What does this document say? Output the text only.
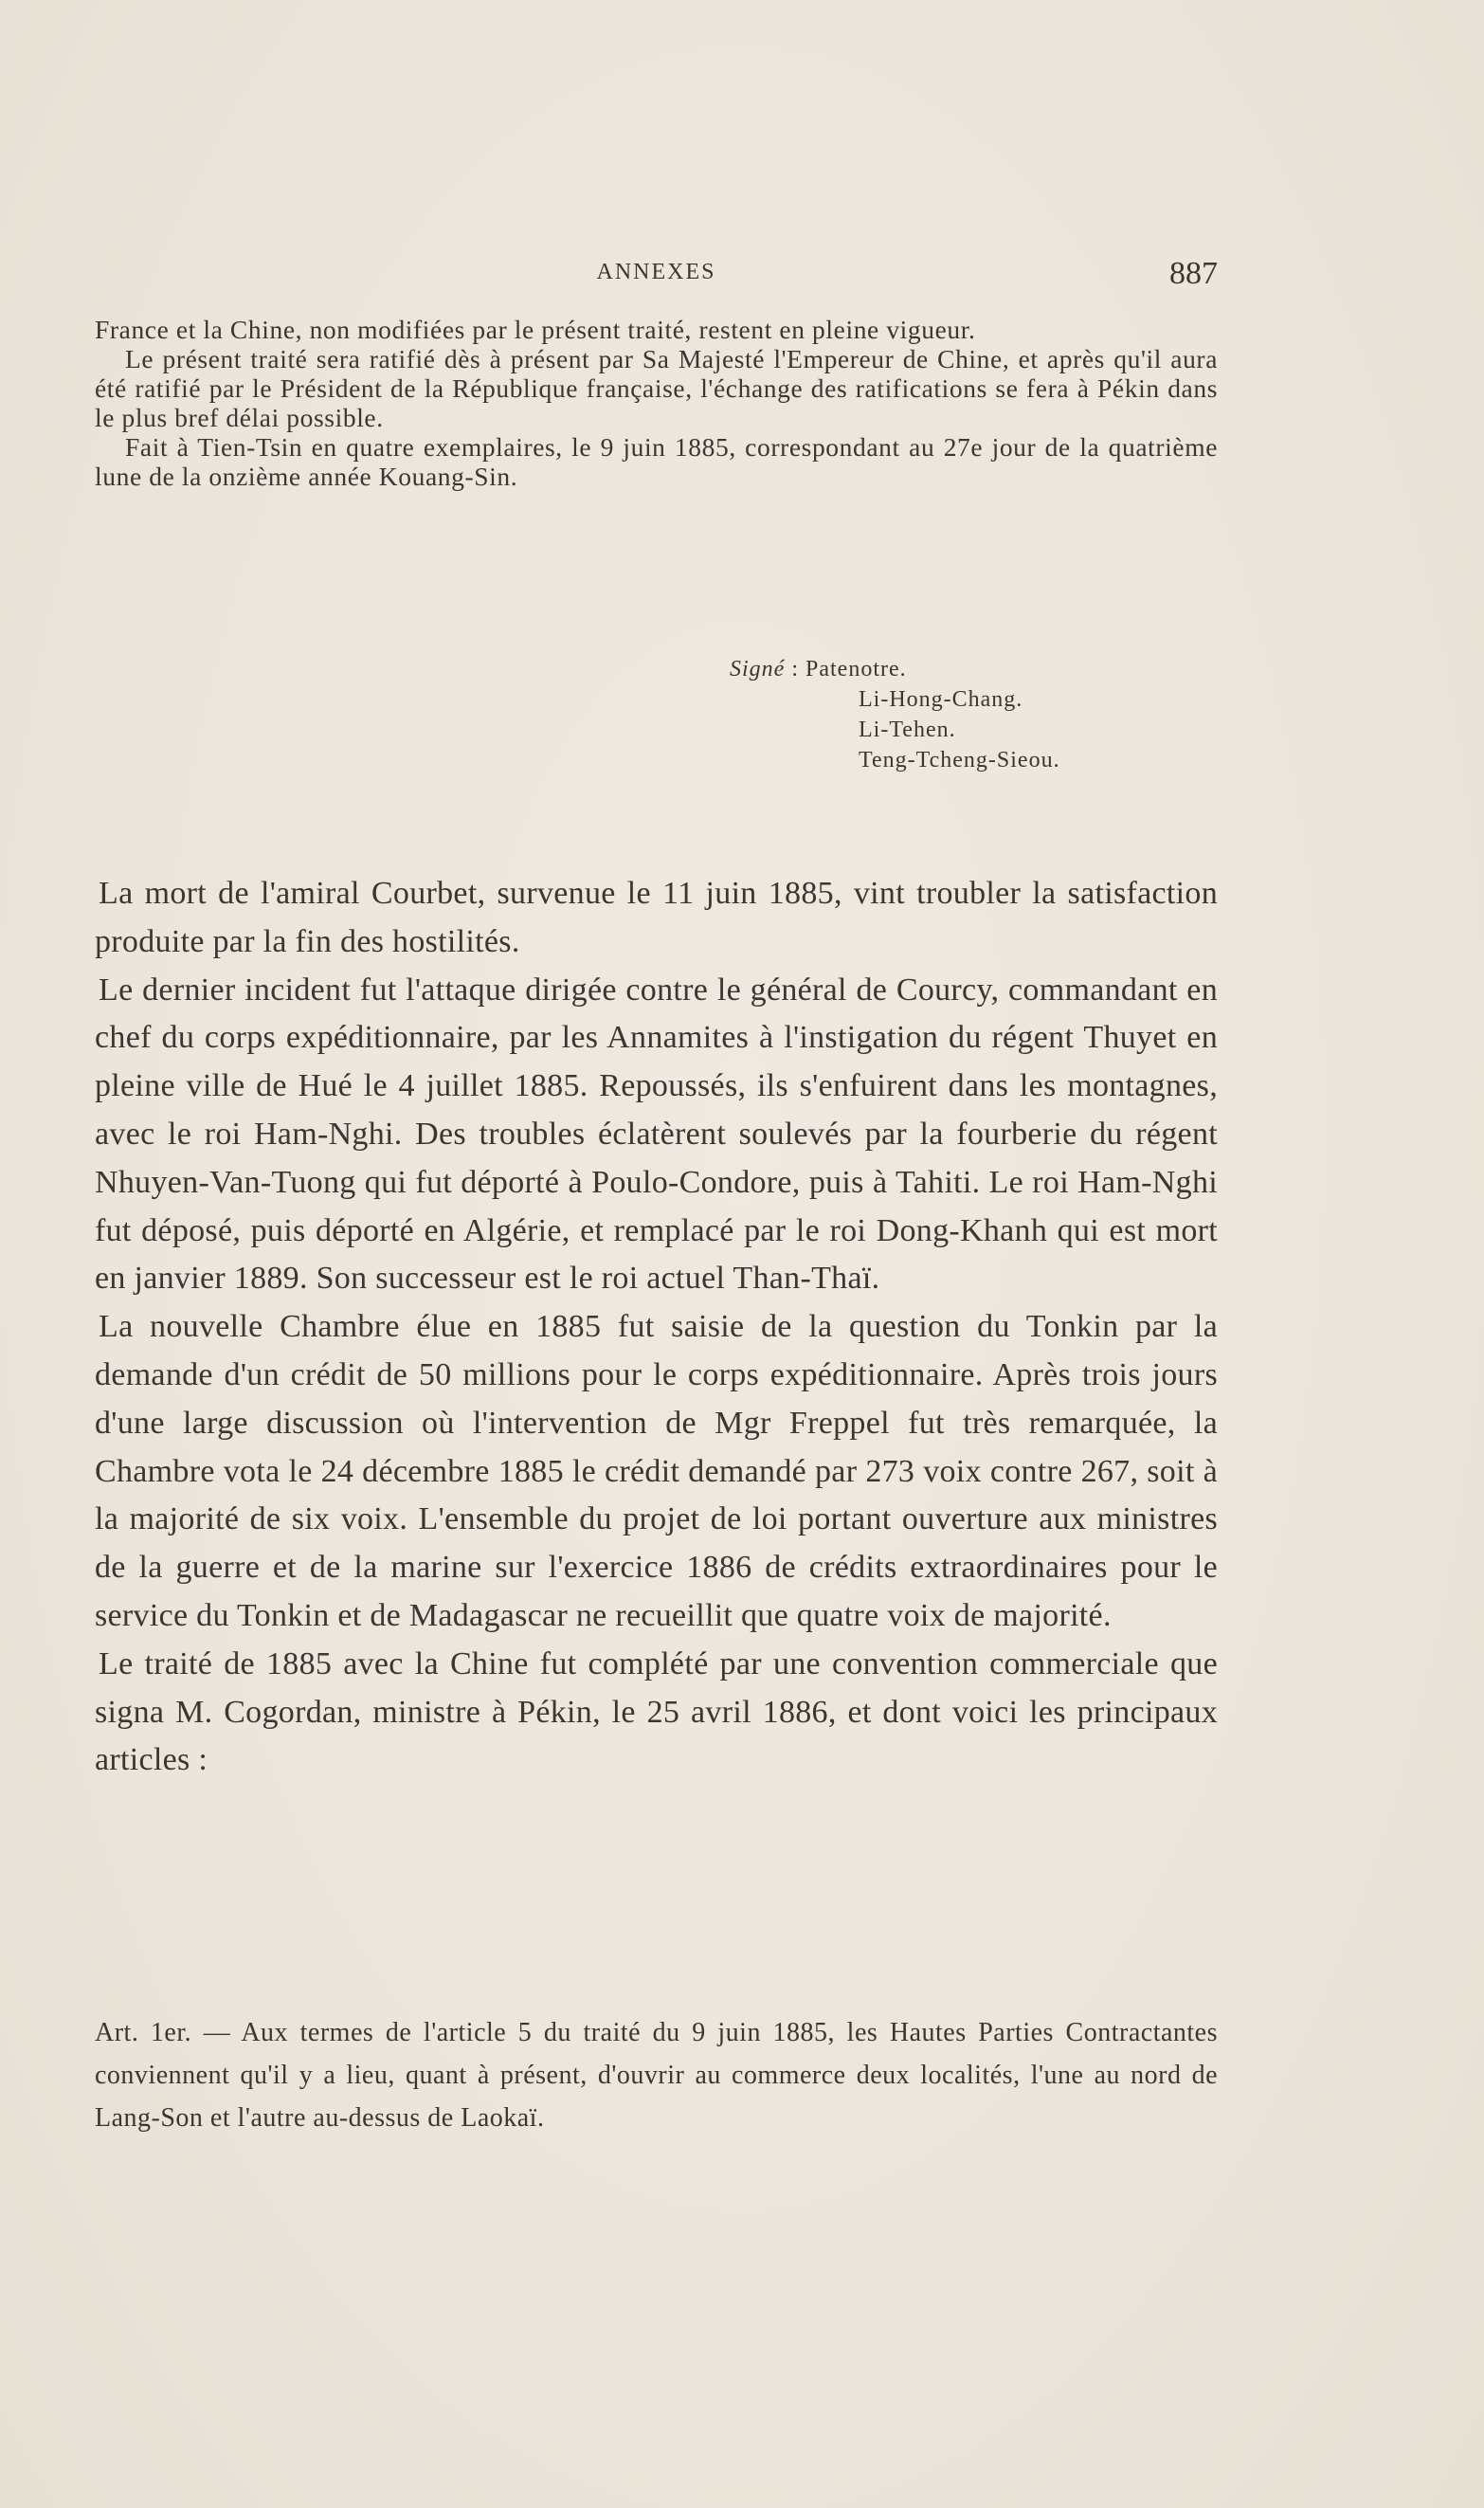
ANNEXES	887

France et la Chine, non modifiées par le présent traité, restent en pleine vigueur.

Le présent traité sera ratifié dès à présent par Sa Majesté l'Empereur de Chine, et après qu'il aura été ratifié par le Président de la République française, l'échange des ratifications se fera à Pékin dans le plus bref délai possible.

Fait à Tien-Tsin en quatre exemplaires, le 9 juin 1885, correspondant au 27e jour de la quatrième lune de la onzième année Kouang-Sin.

Signé : Patenotre.
Li-Hong-Chang.
Li-Tehen.
Teng-Tcheng-Sieou.

La mort de l'amiral Courbet, survenue le 11 juin 1885, vint troubler la satisfaction produite par la fin des hostilités.

Le dernier incident fut l'attaque dirigée contre le général de Courcy, commandant en chef du corps expéditionnaire, par les Annamites à l'instigation du régent Thuyet en pleine ville de Hué le 4 juillet 1885. Repoussés, ils s'enfuirent dans les montagnes, avec le roi Ham-Nghi. Des troubles éclatèrent soulevés par la fourberie du régent Nhuyen-Van-Tuong qui fut déporté à Poulo-Condore, puis à Tahiti. Le roi Ham-Nghi fut déposé, puis déporté en Algérie, et remplacé par le roi Dong-Khanh qui est mort en janvier 1889. Son successeur est le roi actuel Than-Thaï.

La nouvelle Chambre élue en 1885 fut saisie de la question du Tonkin par la demande d'un crédit de 50 millions pour le corps expéditionnaire. Après trois jours d'une large discussion où l'intervention de Mgr Freppel fut très remarquée, la Chambre vota le 24 décembre 1885 le crédit demandé par 273 voix contre 267, soit à la majorité de six voix. L'ensemble du projet de loi portant ouverture aux ministres de la guerre et de la marine sur l'exercice 1886 de crédits extraordinaires pour le service du Tonkin et de Madagascar ne recueillit que quatre voix de majorité.

Le traité de 1885 avec la Chine fut complété par une convention commerciale que signa M. Cogordan, ministre à Pékin, le 25 avril 1886, et dont voici les principaux articles :

Art. 1er. — Aux termes de l'article 5 du traité du 9 juin 1885, les Hautes Parties Contractantes conviennent qu'il y a lieu, quant à présent, d'ouvrir au commerce deux localités, l'une au nord de Lang-Son et l'autre au-dessus de Laokaï.
